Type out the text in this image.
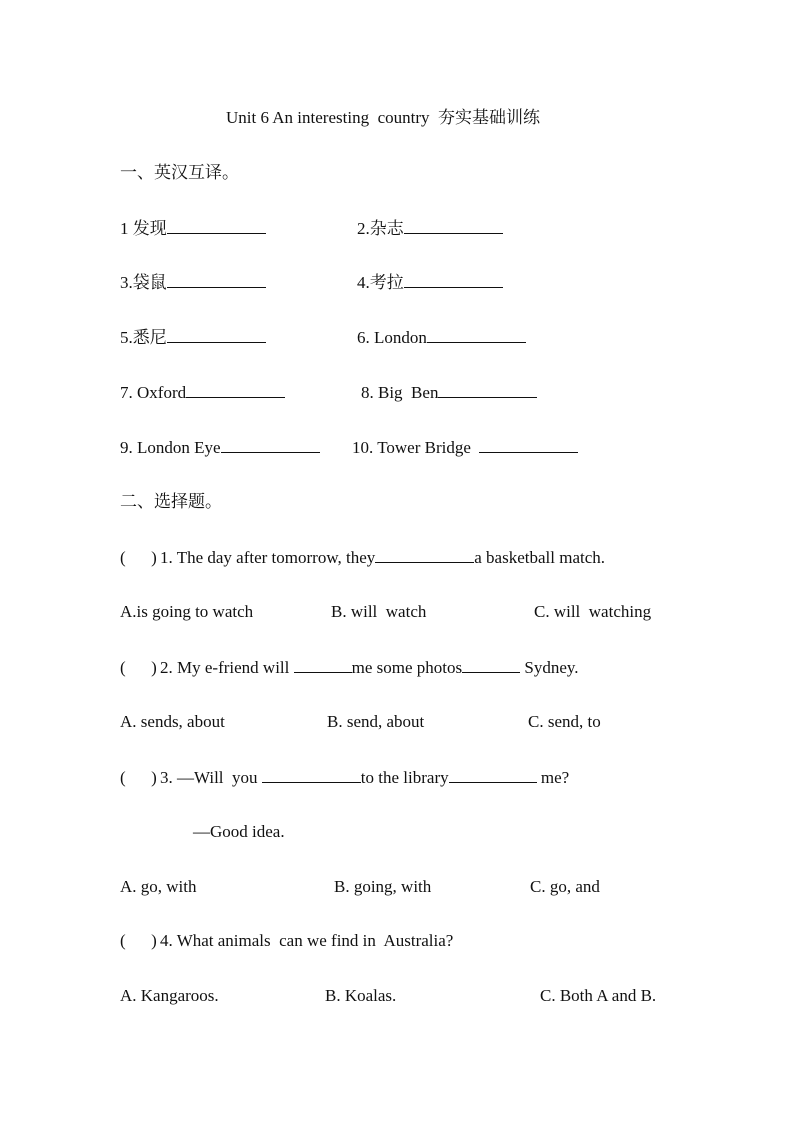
Unit 6 An interesting  country  夯实基础训练
一、英汉互译。
1 发现	2.杂志
3.袋鼠	4.考拉
5.悉尼	6. London
7. Oxford	8. Big  Ben
9. London Eye	10. Tower Bridge
二、选择题。
(      ) 1. The day after tomorrow, they	a basketball match.
A.is going to watch	B. will  watch	C. will  watching
(      ) 2. My e-friend will	me some photos	Sydney.
A. sends, about	B. send, about	C. send, to
(      ) 3. —Will  you	to the library	me?
—Good idea.
A. go, with	B. going, with	C. go, and
(      ) 4. What animals  can we find in  Australia?
A. Kangaroos.	B. Koalas.	C. Both A and B.
